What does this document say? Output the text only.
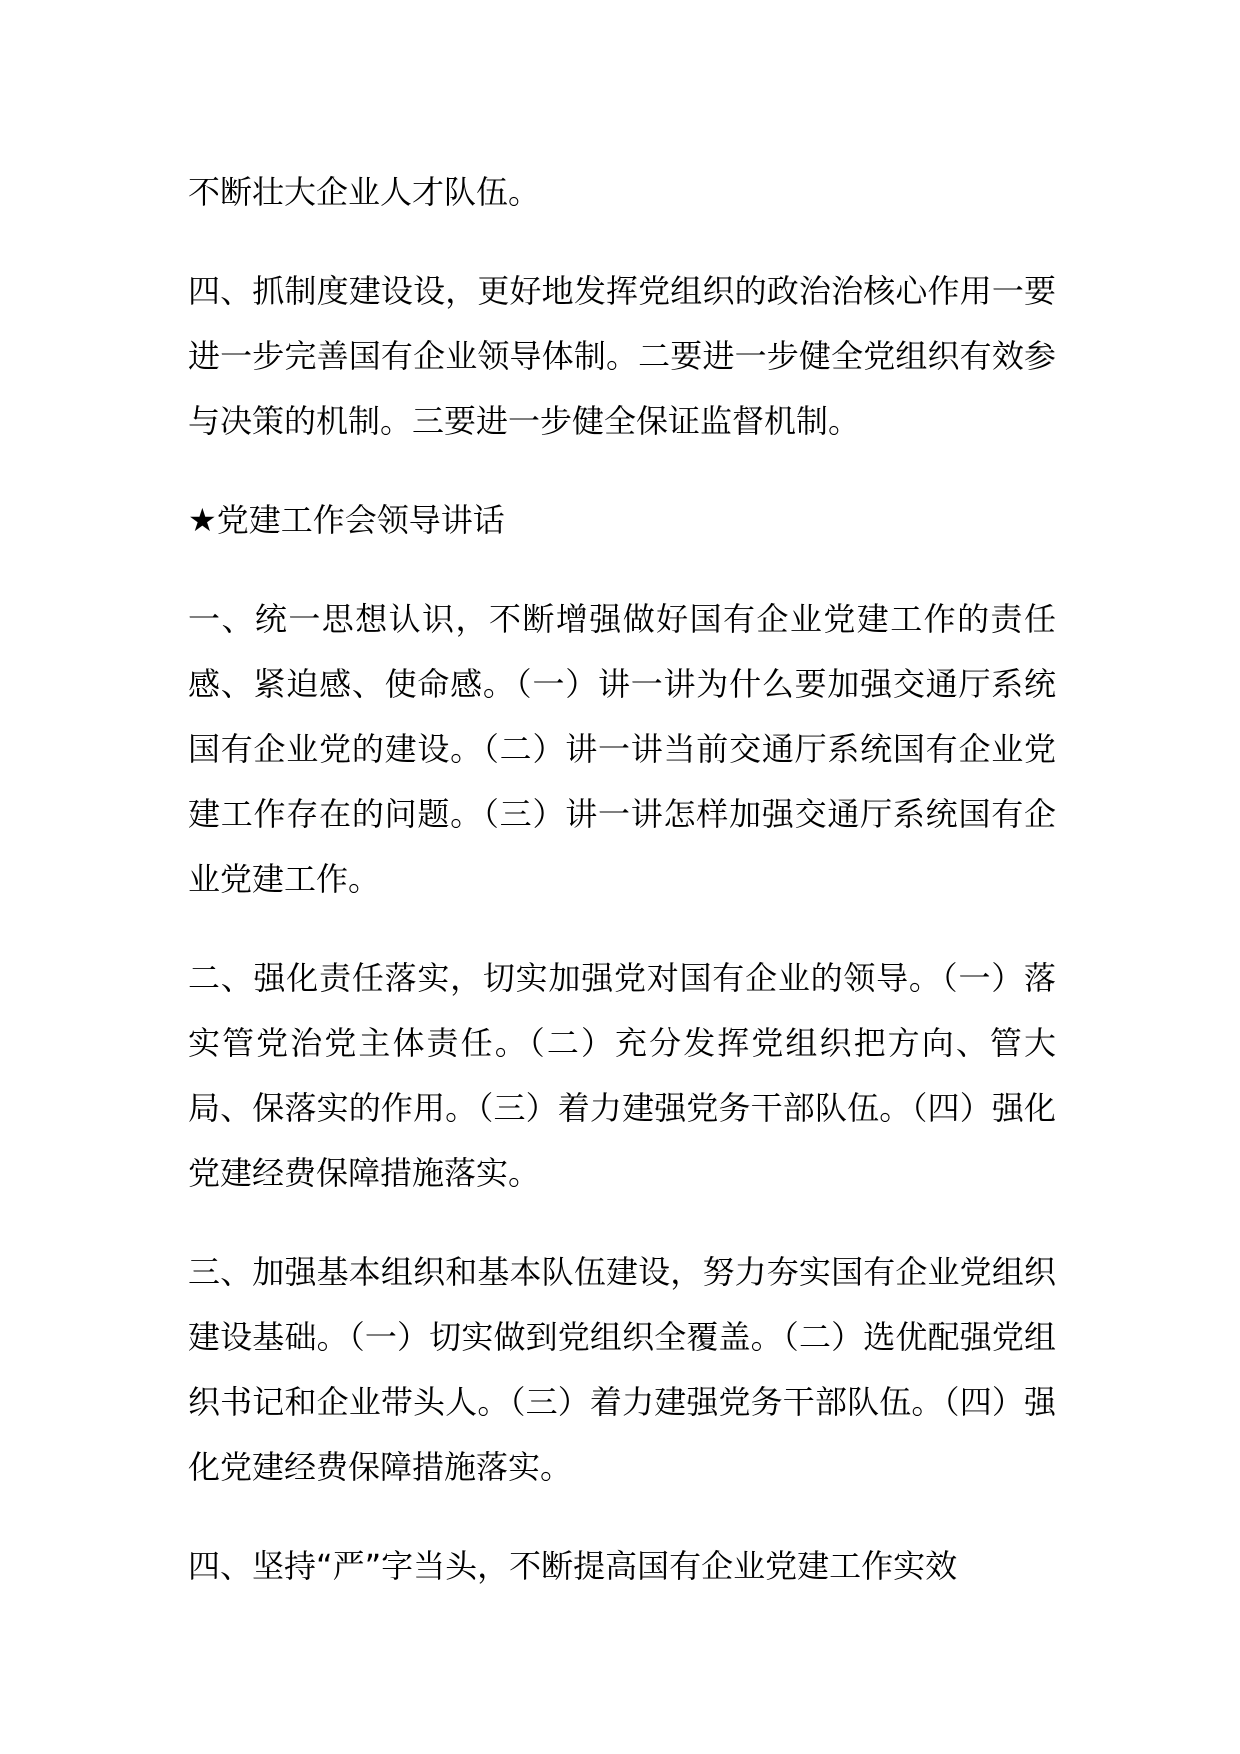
不断壮大企业人才队伍。

四、抓制度建设设，更好地发挥党组织的政治治核心作用一要进一步完善国有企业领导体制。二要进一步健全党组织有效参与决策的机制。三要进一步健全保证监督机制。

★党建工作会领导讲话

一、统一思想认识，不断增强做好国有企业党建工作的责任感、紧迫感、使命感。（一）讲一讲为什么要加强交通厅系统国有企业党的建设。（二）讲一讲当前交通厅系统国有企业党建工作存在的问题。（三）讲一讲怎样加强交通厅系统国有企业党建工作。

二、强化责任落实，切实加强党对国有企业的领导。（一）落实管党治党主体责任。（二）充分发挥党组织把方向、管大局、保落实的作用。（三）着力建强党务干部队伍。（四）强化党建经费保障措施落实。

三、加强基本组织和基本队伍建设，努力夯实国有企业党组织建设基础。（一）切实做到党组织全覆盖。（二）选优配强党组织书记和企业带头人。（三）着力建强党务干部队伍。（四）强化党建经费保障措施落实。

四、坚持“严”字当头，不断提高国有企业党建工作实效
